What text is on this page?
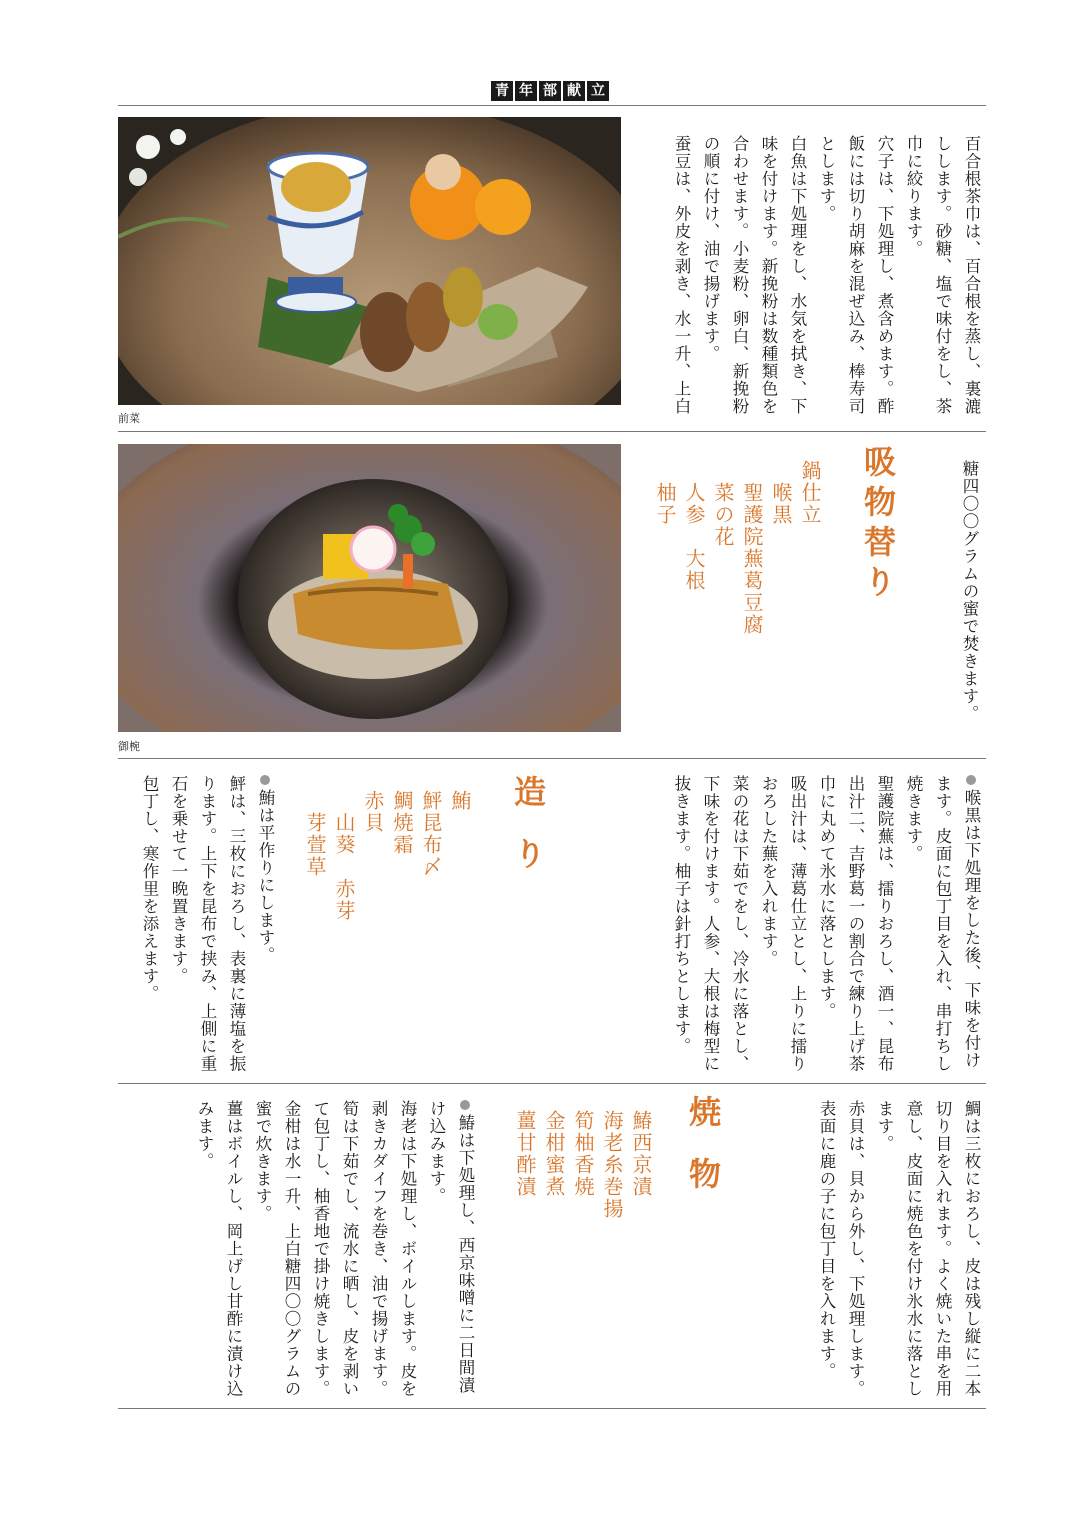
青 年 部 献 立
前菜

百合根茶巾は、百合根を蒸し、裏漉しします。砂糖、塩で味付をし、茶巾に絞ります。

穴子は、下処理し、煮含めます。酢飯には切り胡麻を混ぜ込み、棒寿司とします。

白魚は下処理をし、水気を拭き、下味を付けます。新挽粉は数種類色を合わせます。小麦粉、卵白、新挽粉の順に付け、油で揚げます。

蚕豆は、外皮を剥き、水一升、上白

御椀
吸物替り
鍋仕立
　喉黒
　聖護院蕪葛豆腐
　菜の花
　人参　大根
　柚子	糖四〇〇グラムの蜜で焚きます。

喉黒は下処理をした後、下味を付けます。皮面に包丁目を入れ、串打ちし焼きます。

聖護院蕪は、擂りおろし、酒一、昆布出汁二、吉野葛一の割合で練り上げ茶巾に丸めて氷水に落とします。

吸出汁は、薄葛仕立とし、上りに擂りおろした蕪を入れます。

菜の花は下茹でをし、冷水に落とし、下味を付けます。人参、大根は梅型に抜きます。柚子は針打ちとします。

造り
鮪
鮃昆布〆
鯛焼霜
赤貝
　山葵　赤芽
　芽萱草

鮪は平作りにします。

鮃は、三枚におろし、表裏に薄塩を振ります。上下を昆布で挟み、上側に重石を乗せて一晩置きます。

包丁し、寒作里を添えます。

鯛は三枚におろし、皮は残し縦に二本切り目を入れます。よく焼いた串を用意し、皮面に焼色を付け氷水に落とします。

赤貝は、貝から外し、下処理します。表面に鹿の子に包丁目を入れます。

焼物
鰆西京漬
海老糸巻揚
筍柚香焼
金柑蜜煮
薑甘酢漬

鰆は下処理し、西京味噌に二日間漬け込みます。

海老は下処理し、ボイルします。皮を剥きカダイフを巻き、油で揚げます。

筍は下茹でし、流水に晒し、皮を剥いて包丁し、柚香地で掛け焼きします。

金柑は水一升、上白糖四〇〇グラムの蜜で炊きます。

薑はボイルし、岡上げし甘酢に漬け込みます。
